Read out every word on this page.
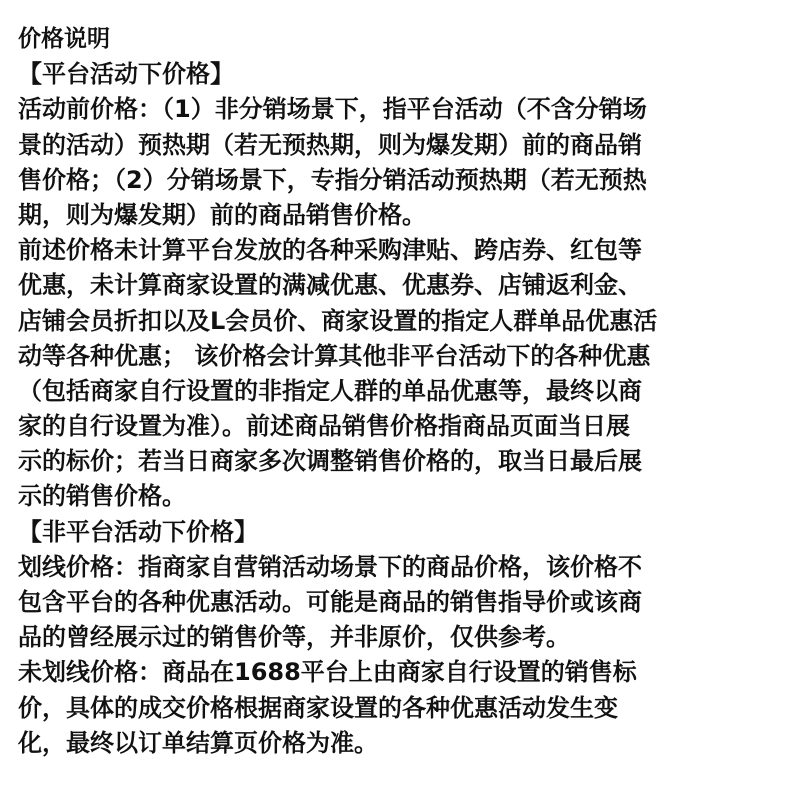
价格说明
【平台活动下价格】
活动前价格：（1）非分销场景下，指平台活动（不含分销场
景的活动）预热期（若无预热期，则为爆发期）前的商品销
售价格；（2）分销场景下，专指分销活动预热期（若无预热
期，则为爆发期）前的商品销售价格。
前述价格未计算平台发放的各种采购津贴、跨店券、红包等
优惠，未计算商家设置的满减优惠、优惠券、店铺返利金、
店铺会员折扣以及L会员价、商家设置的指定人群单品优惠活
动等各种优惠； 该价格会计算其他非平台活动下的各种优惠
（包括商家自行设置的非指定人群的单品优惠等，最终以商
家的自行设置为准）。前述商品销售价格指商品页面当日展
示的标价；若当日商家多次调整销售价格的，取当日最后展
示的销售价格。
【非平台活动下价格】
划线价格：指商家自营销活动场景下的商品价格，该价格不
包含平台的各种优惠活动。可能是商品的销售指导价或该商
品的曾经展示过的销售价等，并非原价，仅供参考。
未划线价格：商品在1688平台上由商家自行设置的销售标
价，具体的成交价格根据商家设置的各种优惠活动发生变
化，最终以订单结算页价格为准。
